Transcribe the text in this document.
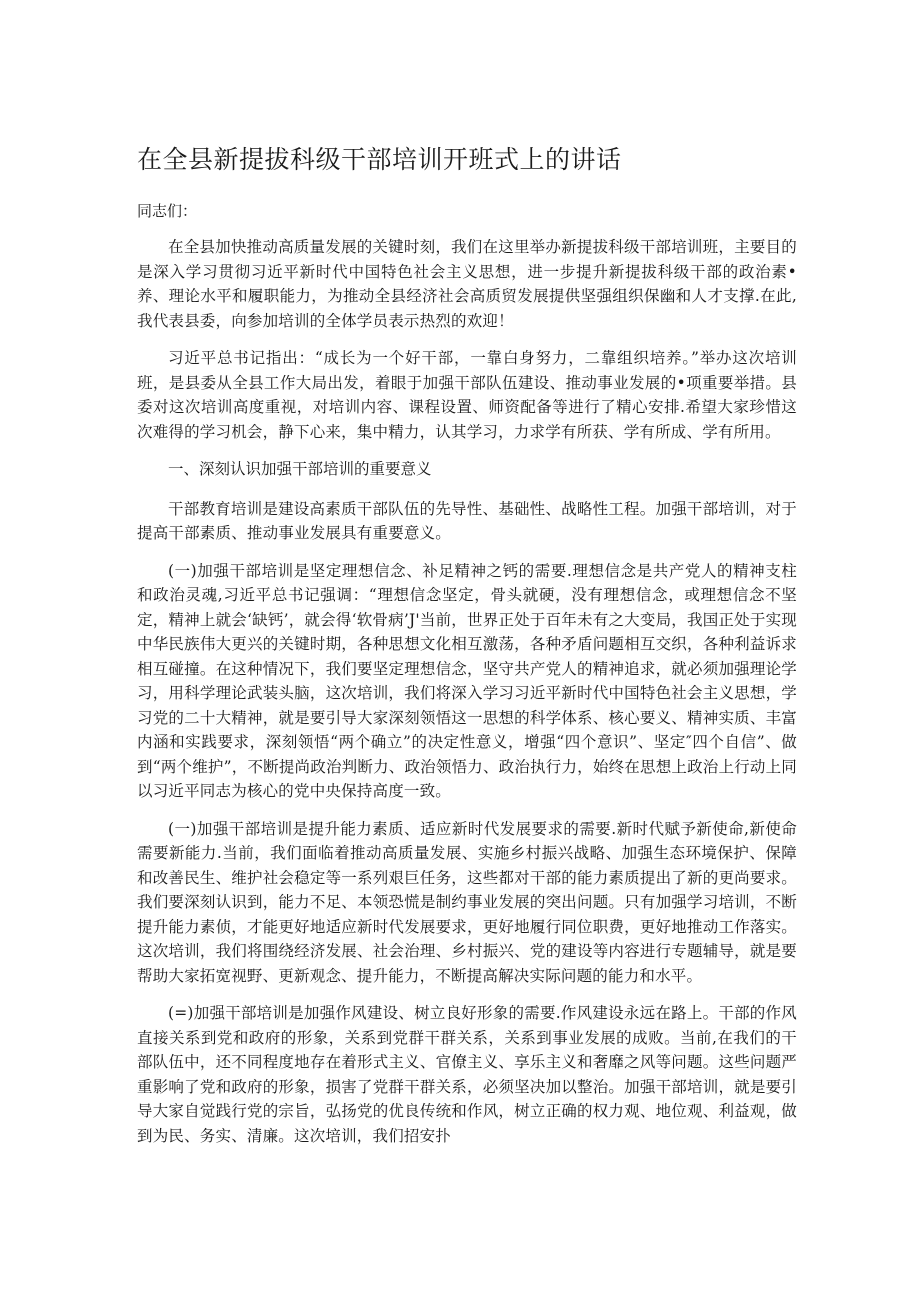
在全县新提拔科级干部培训开班式上的讲话

同志们：

在全县加快推动高质量发展的关键时刻，我们在这里举办新提拔科级干部培训班，主要目的是深入学习贯彻习近平新时代中国特色社会主义思想，进一步提升新提拔科级干部的政治素•养、理论水平和履职能力，为推动全县经济社会高质贸发展提供坚强组织保幽和人才支撑.在此,我代表县委，向参加培训的全体学员表示热烈的欢迎！

习近平总书记指出：“成长为一个好干部，一靠白身努力，二靠组织培养。”举办这次培训班，是县委从全县工作大局出发，着眼于加强干部队伍建设、推动事业发展的•项重要举措。县委对这次培训高度重视，对培训内容、课程设置、师资配备等进行了精心安排.希望大家珍惜这次难得的学习机会，静下心来，集中精力，认其学习，力求学有所获、学有所成、学有所用。

一、深刻认识加强干部培训的重要意义

干部教育培训是建设高素质干部队伍的先导性、基础性、战略性工程。加强干部培训，对于提高干部素质、推动事业发展具有重要意义。

(一)加强干部培训是坚定理想信念、补足精神之钙的需要.理想信念是共产党人的精神支柱和政治灵魂,习近平总书记强调：“理想信念坚定，骨头就硬，没有理想信念，或理想信念不坚定，精神上就会‘缺钙’，就会得‘软骨病’J'当前，世界正处于百年未有之大变局，我国正处于实现中华民族伟大更兴的关键时期，各种思想文化相互激荡，各种矛盾问题相互交织，各种利益诉求相互碰撞。在这种情况下，我们要坚定理想信念，坚守共产党人的精神追求，就必须加强理论学习，用科学理论武装头脑，这次培训，我们将深入学习习近平新时代中国特色社会主义思想，学习党的二十大精神，就是要引导大家深刻领悟这一思想的科学体系、核心要义、精神实质、丰富内涵和实践要求，深刻领悟“两个确立”的决定性意义，增强“四个意识”、坚定″四个自信”、做到“两个维护”，不断提尚政治判断力、政治领悟力、政治执行力，始终在思想上政治上行动上同以习近平同志为核心的党中央保持高度一致。

(一)加强干部培训是提升能力素质、适应新时代发展要求的需要.新时代赋予新使命,新使命需要新能力.当前，我们面临着推动高质量发展、实施乡村振兴战略、加强生态环境保护、保障和改善民生、维护社会稳定等一系列艰巨任务，这些都对干部的能力素质提出了新的更尚要求。我们要深刻认识到，能力不足、本领恐慌是制约事业发展的突出问题。只有加强学习培训，不断提升能力素侦，才能更好地适应新时代发展要求，更好地履行同位职费，更好地推动工作落实。这次培训，我们将围绕经济发展、社会治理、乡村振兴、党的建设等内容进行专题辅导，就是要帮助大家拓宽视野、更新观念、提升能力，不断提高解决实际问题的能力和水平。

(=)加强干部培训是加强作风建设、树立良好形象的需要.作风建设永远在路上。干部的作风直接关系到党和政府的形象，关系到党群干群关系，关系到事业发展的成败。当前,在我们的干部队伍中，还不同程度地存在着形式主义、官僚主义、享乐主义和奢靡之风等问题。这些问题严重影响了党和政府的形象，损害了党群干群关系，必须坚决加以整治。加强干部培训，就是要引导大家自觉践行党的宗旨，弘扬党的优良传统和作风，树立正确的权力观、地位观、利益观，做到为民、务实、清廉。这次培训，我们招安扑
